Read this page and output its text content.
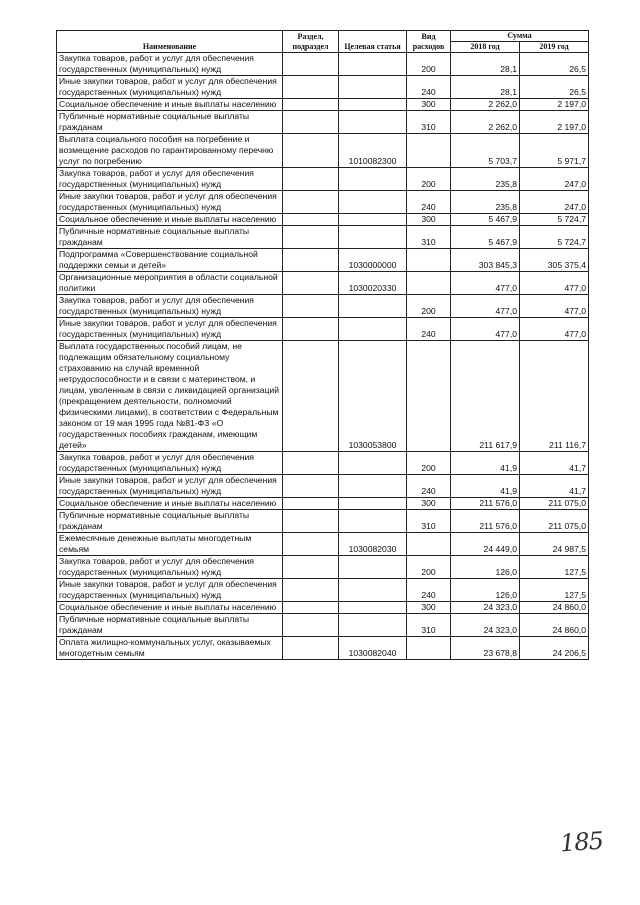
Наименование	Раздел, подраздел	Целевая статья	Вид расходов	Сумма	
				2018 год	2019 год
Закупка товаров, работ и услуг для обеспечения государственных (муниципальных) нужд			200	28,1	26,5
Иные закупки товаров, работ и услуг для обеспечения государственных (муниципальных) нужд			240	28,1	26,5
Социальное обеспечение и иные выплаты населению			300	2 262,0	2 197,0
Публичные нормативные социальные выплаты гражданам			310	2 262,0	2 197,0
Выплата социального пособия на погребение и возмещение расходов по гарантированному перечню услуг по погребению		1010082300		5 703,7	5 971,7
Закупка товаров, работ и услуг для обеспечения государственных (муниципальных) нужд			200	235,8	247,0
Иные закупки товаров, работ и услуг для обеспечения государственных (муниципальных) нужд			240	235,8	247,0
Социальное обеспечение и иные выплаты населению			300	5 467,9	5 724,7
Публичные нормативные социальные выплаты гражданам			310	5 467,9	5 724,7
Подпрограмма «Совершенствование социальной поддержки семьи и детей»		1030000000		303 845,3	305 375,4
Организационные мероприятия в области социальной политики		1030020330		477,0	477,0
Закупка товаров, работ и услуг для обеспечения государственных (муниципальных) нужд			200	477,0	477,0
Иные закупки товаров, работ и услуг для обеспечения государственных (муниципальных) нужд			240	477,0	477,0
Выплата государственных пособий лицам, не подлежащим обязательному социальному страхованию на случай временной нетрудоспособности и в связи с материнством, и лицам, уволенным в связи с ликвидацией организаций (прекращением деятельности, полномочий физическими лицами), в соответствии с Федеральным законом от 19 мая 1995 года №81-ФЗ «О государственных пособиях гражданам, имеющим детей»		1030053800		211 617,9	211 116,7
Закупка товаров, работ и услуг для обеспечения государственных (муниципальных) нужд			200	41,9	41,7
Иные закупки товаров, работ и услуг для обеспечения государственных (муниципальных) нужд			240	41,9	41,7
Социальное обеспечение и иные выплаты населению			300	211 576,0	211 075,0
Публичные нормативные социальные выплаты гражданам			310	211 576,0	211 075,0
Ежемесячные денежные выплаты многодетным семьям		1030082030		24 449,0	24 987,5
Закупка товаров, работ и услуг для обеспечения государственных (муниципальных) нужд			200	126,0	127,5
Иные закупки товаров, работ и услуг для обеспечения государственных (муниципальных) нужд			240	126,0	127,5
Социальное обеспечение и иные выплаты населению			300	24 323,0	24 860,0
Публичные нормативные социальные выплаты гражданам			310	24 323,0	24 860,0
Оплата жилищно-коммунальных услуг, оказываемых многодетным семьям		1030082040		23 678,8	24 206,5
185
